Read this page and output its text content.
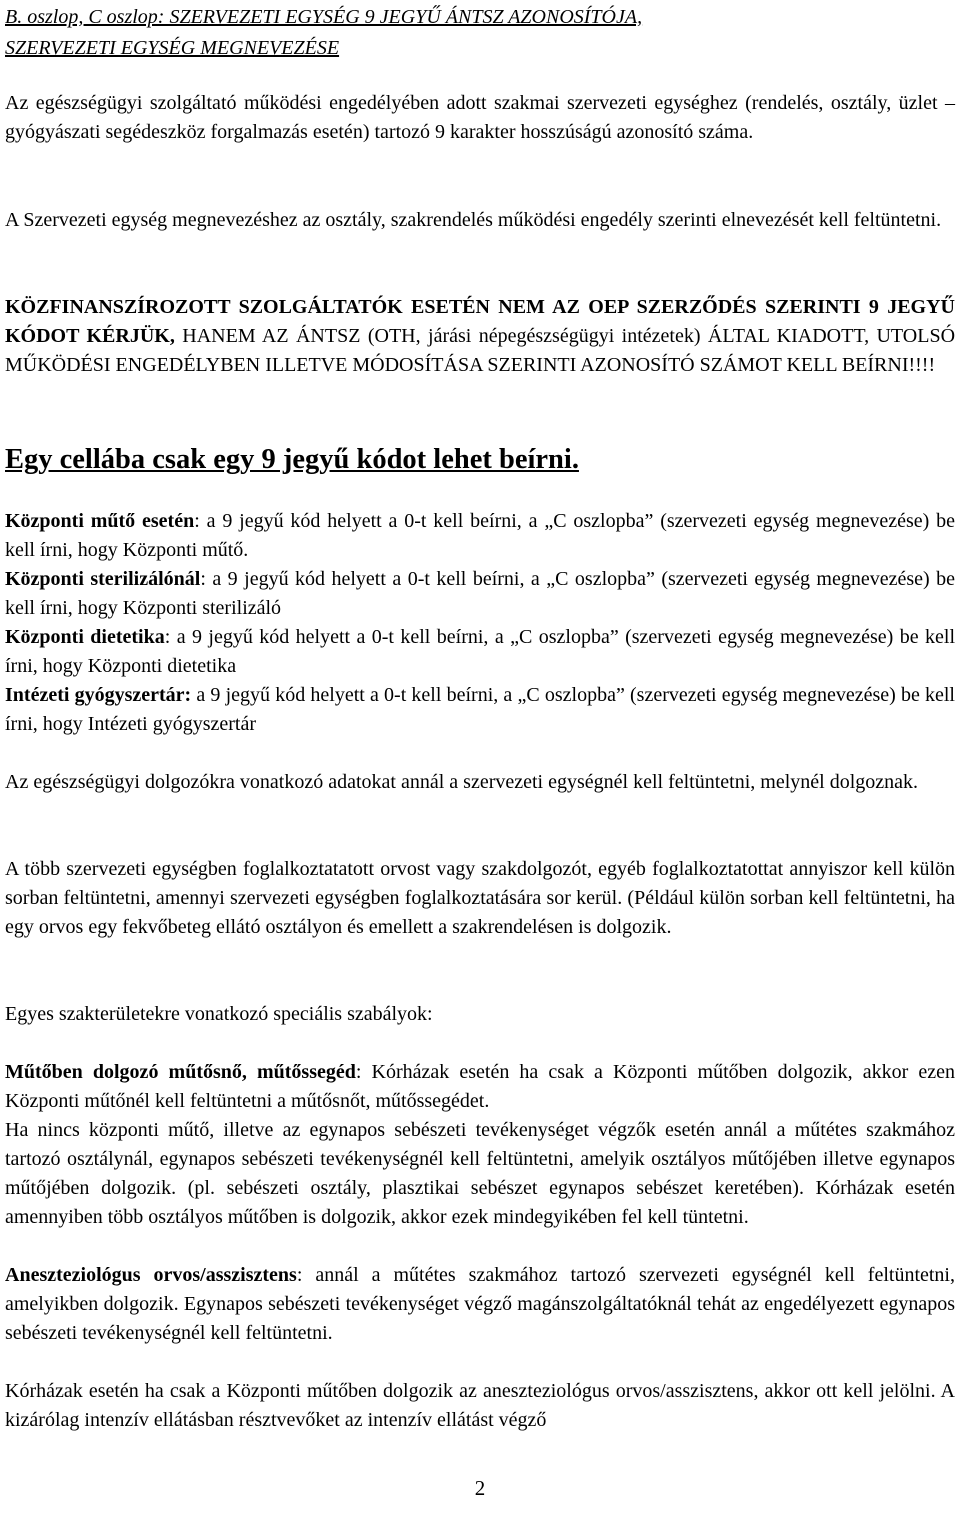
B. oszlop, C oszlop: SZERVEZETI EGYSÉG 9 JEGYŰ ÁNTSZ AZONOSÍTÓJA,
SZERVEZETI EGYSÉG MEGNEVEZÉSE
Az egészségügyi szolgáltató működési engedélyében adott szakmai szervezeti egységhez (rendelés, osztály, üzlet – gyógyászati segédeszköz forgalmazás esetén) tartozó 9 karakter hosszúságú azonosító száma.
A Szervezeti egység megnevezéshez az osztály, szakrendelés működési engedély szerinti elnevezését kell feltüntetni.
KÖZFINANSZÍROZOTT SZOLGÁLTATÓK ESETÉN NEM AZ OEP SZERZŐDÉS SZERINTI 9 JEGYŰ KÓDOT KÉRJÜK, HANEM AZ ÁNTSZ (OTH, járási népegészségügyi intézetek) ÁLTAL KIADOTT, UTOLSÓ MŰKÖDÉSI ENGEDÉLYBEN ILLETVE MÓDOSÍTÁSA SZERINTI AZONOSÍTÓ SZÁMOT KELL BEÍRNI!!!!
Egy cellába csak egy 9 jegyű kódot lehet beírni.
Központi műtő esetén: a 9 jegyű kód helyett a 0-t kell beírni, a „C oszlopba” (szervezeti egység megnevezése) be kell írni, hogy Központi műtő.
Központi sterilizálónál: a 9 jegyű kód helyett a 0-t kell beírni, a „C oszlopba” (szervezeti egység megnevezése) be kell írni, hogy Központi sterilizáló
Központi dietetika: a 9 jegyű kód helyett a 0-t kell beírni, a „C oszlopba” (szervezeti egység megnevezése) be kell írni, hogy Központi dietetika
Intézeti gyógyszertár: a 9 jegyű kód helyett a 0-t kell beírni, a „C oszlopba” (szervezeti egység megnevezése) be kell írni, hogy Intézeti gyógyszertár
Az egészségügyi dolgozókra vonatkozó adatokat annál a szervezeti egységnél kell feltüntetni, melynél dolgoznak.
A több szervezeti egységben foglalkoztatatott orvost vagy szakdolgozót, egyéb foglalkoztatottat annyiszor kell külön sorban feltüntetni, amennyi szervezeti egységben foglalkoztatására sor kerül. (Például külön sorban kell feltüntetni, ha egy orvos egy fekvőbeteg ellátó osztályon és emellett a szakrendelésen is dolgozik.
Egyes szakterületekre vonatkozó speciális szabályok:
Műtőben dolgozó műtősnő, műtőssegéd: Kórházak esetén ha csak a Központi műtőben dolgozik, akkor ezen Központi műtőnél kell feltüntetni a műtősnőt, műtőssegédet.
Ha nincs központi műtő, illetve az egynapos sebészeti tevékenységet végzők esetén annál a műtétes szakmához tartozó osztálynál, egynapos sebészeti tevékenységnél kell feltüntetni, amelyik osztályos műtőjében illetve egynapos műtőjében dolgozik. (pl. sebészeti osztály, plasztikai sebészet egynapos sebészet keretében). Kórházak esetén amennyiben több osztályos műtőben is dolgozik, akkor ezek mindegyikében fel kell tüntetni.
Aneszteziológus orvos/asszisztens: annál a műtétes szakmához tartozó szervezeti egységnél kell feltüntetni, amelyikben dolgozik. Egynapos sebészeti tevékenységet végző magánszolgáltatóknál tehát az engedélyezett egynapos sebészeti tevékenységnél kell feltüntetni.
Kórházak esetén ha csak a Központi műtőben dolgozik az aneszteziológus orvos/asszisztens, akkor ott kell jelölni. A kizárólag intenzív ellátásban résztvevőket az intenzív ellátást végző
2
